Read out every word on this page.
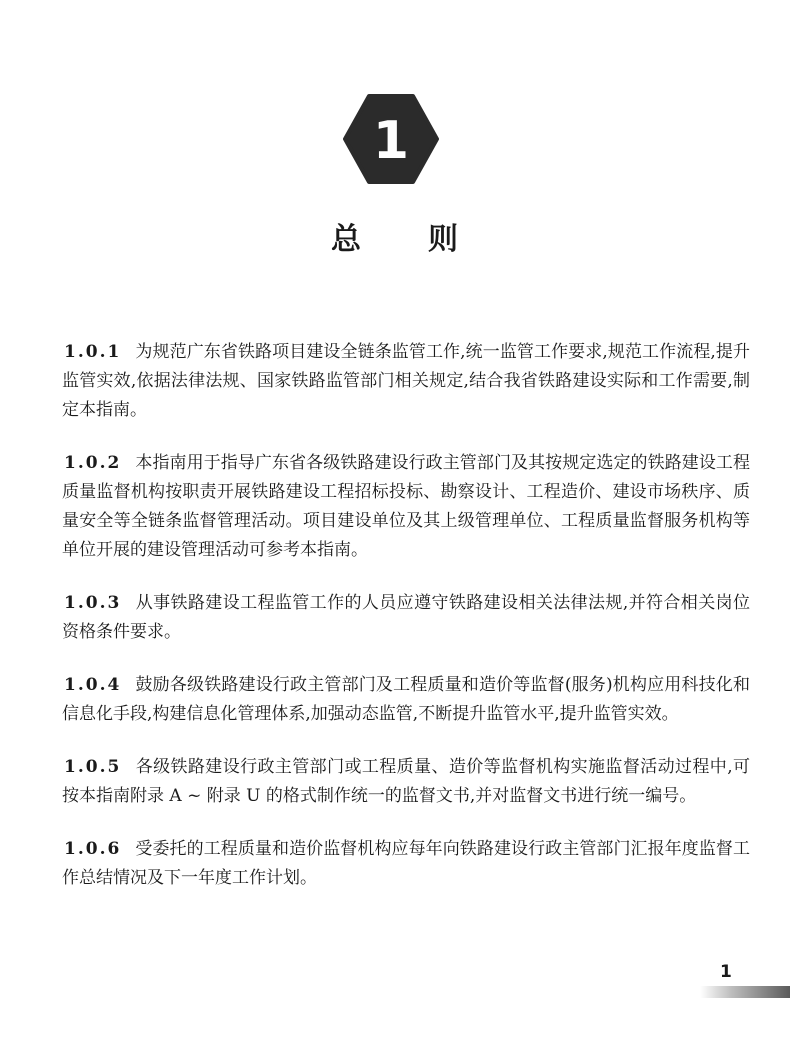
1
总 则

1.0.1 为规范广东省铁路项目建设全链条监管工作,统一监管工作要求,规范工作流程,提升监管实效,依据法律法规、国家铁路监管部门相关规定,结合我省铁路建设实际和工作需要,制定本指南。

1.0.2 本指南用于指导广东省各级铁路建设行政主管部门及其按规定选定的铁路建设工程质量监督机构按职责开展铁路建设工程招标投标、勘察设计、工程造价、建设市场秩序、质量安全等全链条监督管理活动。项目建设单位及其上级管理单位、工程质量监督服务机构等单位开展的建设管理活动可参考本指南。

1.0.3 从事铁路建设工程监管工作的人员应遵守铁路建设相关法律法规,并符合相关岗位资格条件要求。

1.0.4 鼓励各级铁路建设行政主管部门及工程质量和造价等监督(服务)机构应用科技化和信息化手段,构建信息化管理体系,加强动态监管,不断提升监管水平,提升监管实效。

1.0.5 各级铁路建设行政主管部门或工程质量、造价等监督机构实施监督活动过程中,可按本指南附录 A ~ 附录 U 的格式制作统一的监督文书,并对监督文书进行统一编号。

1.0.6 受委托的工程质量和造价监督机构应每年向铁路建设行政主管部门汇报年度监督工作总结情况及下一年度工作计划。

1
